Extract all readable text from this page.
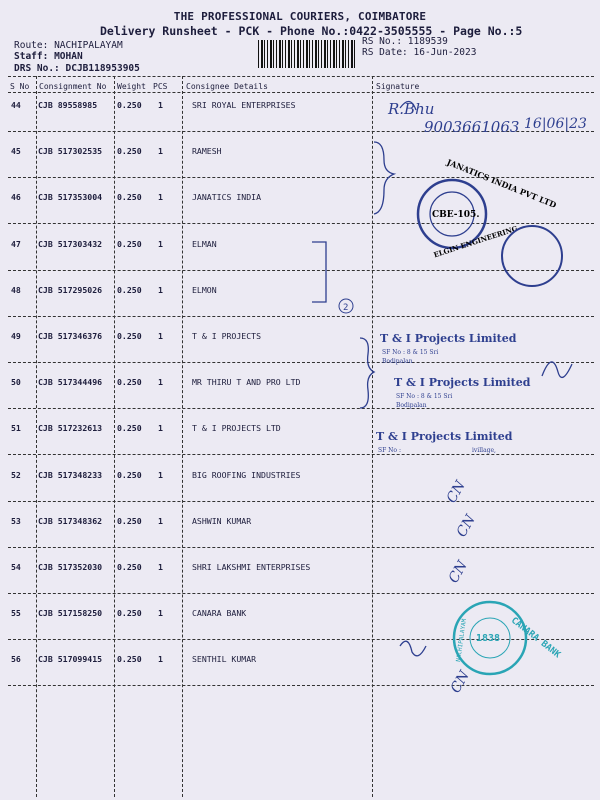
THE PROFESSIONAL COURIERS, COIMBATORE
Delivery Runsheet - PCK - Phone No.:0422-3505555 - Page No.:5
Route: NACHIPALAYAM
Staff: MOHAN
DRS No.: DCJB118953905
RS No.: 1189539
RS Date: 16-Jun-2023
S No Consignment No Weight PCS Consignee Details	Signature
44 CJB 89558985 0.250 1	SRI ROYAL ENTERPRISES
45 CJB 517302535 0.250 1	RAMESH
46 CJB 517353004 0.250 1	JANATICS INDIA
47 CJB 517303432 0.250 1	ELMAN
48 CJB 517295026 0.250 1	ELMON
49 CJB 517346376 0.250 1	T & I PROJECTS
50 CJB 517344496 0.250 1	MR THIRU T AND PRO LTD
51 CJB 517232613 0.250 1	T & I PROJECTS LTD
52 CJB 517348233 0.250 1	BIG ROOFING INDUSTRIES
53 CJB 517348362 0.250 1	ASHWIN KUMAR
54 CJB 517352030 0.250 1	SHRI LAKSHMI ENTERPRISES
55 CJB 517158250 0.250 1	CANARA BANK
56 CJB 517099415 0.250 1	SENTHIL KUMAR
R.Bhu
9003661063 16|06|23
JANATICS INDIA PVT LTD
CBE-105.
ELGIN ENGINEERING
2
T & I Projects Limited
SF No : 8 & 15 Sri
Bodipalan
T & I Projects Limited
SF No : 8 & 15 Sri
Bodipalan
T & I Projects Limited
SF No :	ivillage,
CN
CN
CN
CN
CANARA BANK
NACHIPALAYAM 1838
